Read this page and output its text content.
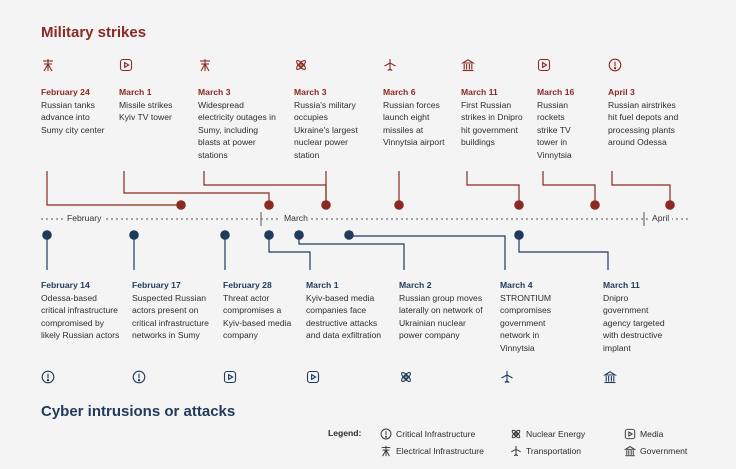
Military strikes
Cyber intrusions or attacks
February	March	April
February 24
Russian tanks advance into Sumy city center
March 1
Missile strikes Kyiv TV tower
March 3
Widespread electricity outages in Sumy, including blasts at power stations
March 3
Russia's military occupies Ukraine's largest nuclear power station
March 6
Russian forces launch eight missiles at Vinnytsia airport
March 11
First Russian strikes in Dnipro hit government buildings
March 16
Russian rockets strike TV tower in Vinnytsia
April 3
Russian airstrikes hit fuel depots and processing plants around Odessa
February 14
Odessa-based critical infrastructure compromised by likely Russian actors
February 17
Suspected Russian actors present on critical infrastructure networks in Sumy
February 28
Threat actor compromises a Kyiv-based media company
March 1
Kyiv-based media companies face destructive attacks and data exfiltration
March 2
Russian group moves laterally on network of Ukrainian nuclear power company
March 4
STRONTIUM compromises government network in Vinnytsia
March 11
Dnipro government agency targeted with destructive implant
Legend:	Critical Infrastructure	Nuclear Energy	Media
Electrical Infrastructure	Transportation	Government
